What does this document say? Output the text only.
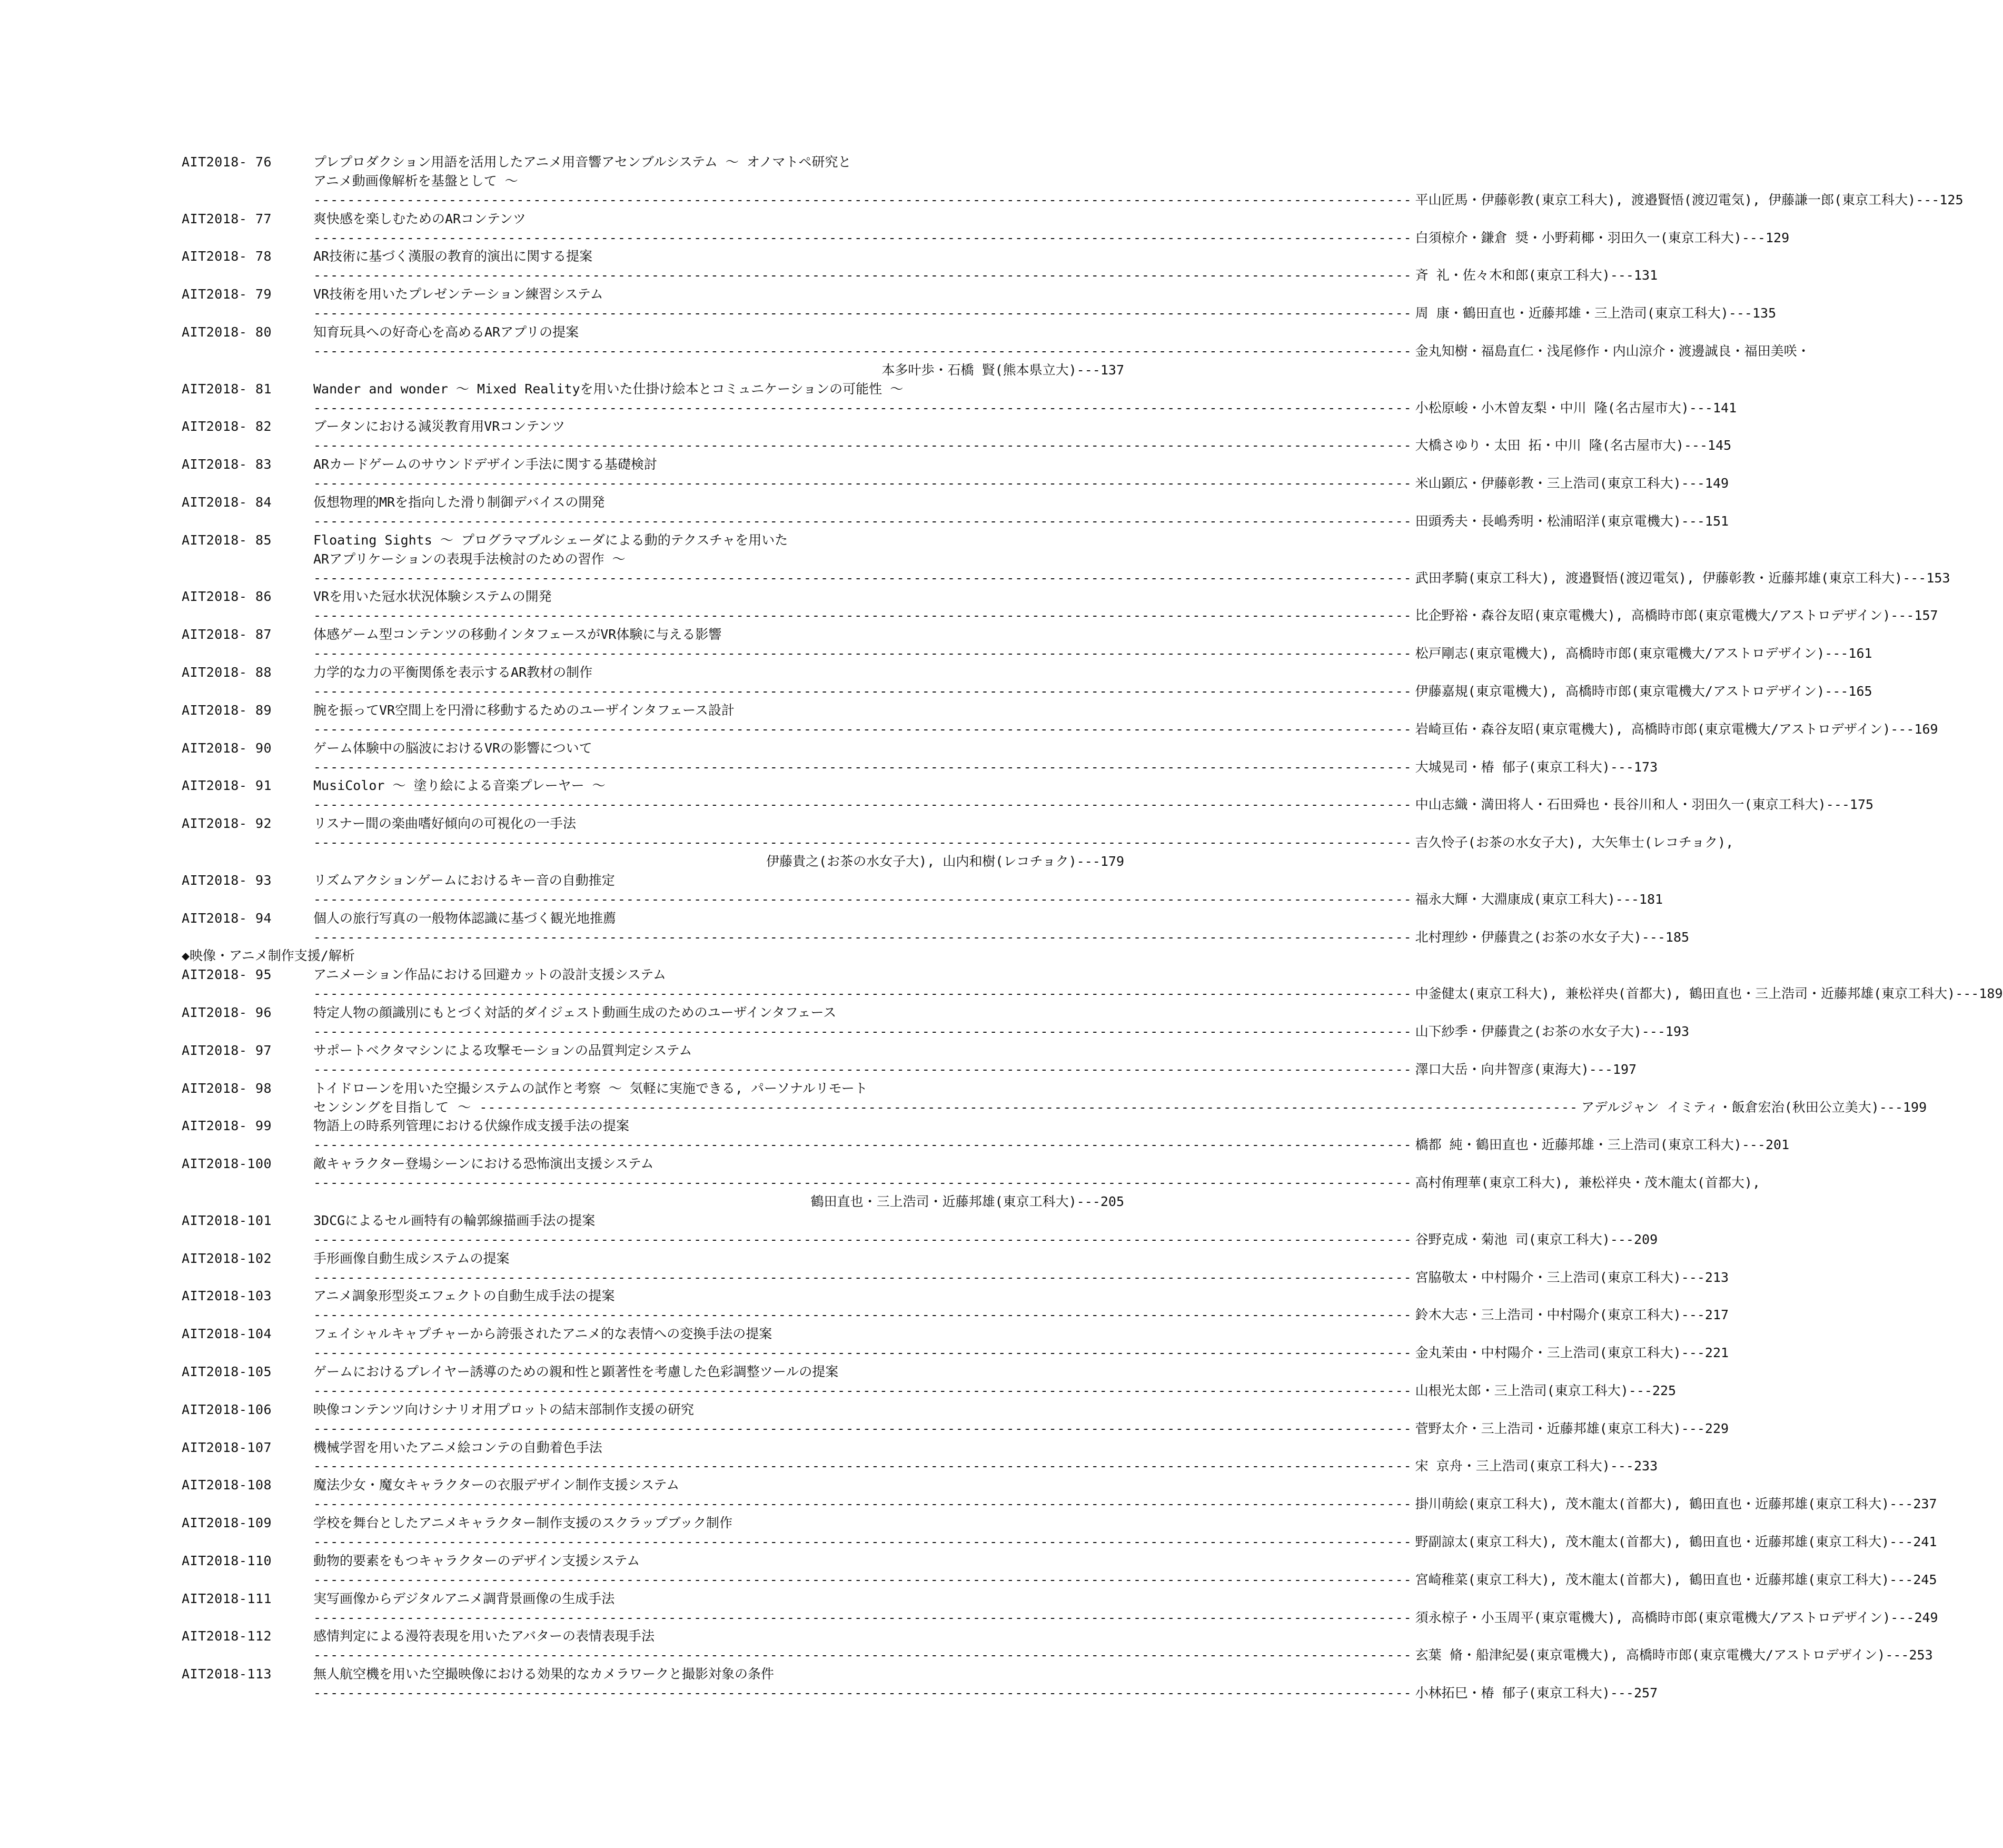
AIT2018- 76	プレプロダクション用語を活用したアニメ用音響アセンブルシステム ～ オノマトペ研究と
アニメ動画像解析を基盤として ～
---------------------------------------------------------------------------------------------------------------------------------- 平山匠馬・伊藤彰教(東京工科大), 渡邉賢悟(渡辺電気), 伊藤謙一郎(東京工科大)---125
AIT2018- 77	爽快感を楽しむためのARコンテンツ
---------------------------------------------------------------------------------------------------------------------------------- 白須椋介・鎌倉 奨・小野莉椰・羽田久一(東京工科大)---129
AIT2018- 78	AR技術に基づく漢服の教育的演出に関する提案
---------------------------------------------------------------------------------------------------------------------------------- 斉 礼・佐々木和郎(東京工科大)---131
AIT2018- 79	VR技術を用いたプレゼンテーション練習システム
---------------------------------------------------------------------------------------------------------------------------------- 周 康・鶴田直也・近藤邦雄・三上浩司(東京工科大)---135
AIT2018- 80	知育玩具への好奇心を高めるARアプリの提案
---------------------------------------------------------------------------------------------------------------------------------- 金丸知樹・福島直仁・浅尾修作・内山涼介・渡邊誠良・福田美咲・
本多叶歩・石橋 賢(熊本県立大)---137
AIT2018- 81	Wander and wonder ～ Mixed Realityを用いた仕掛け絵本とコミュニケーションの可能性 ～
---------------------------------------------------------------------------------------------------------------------------------- 小松原峻・小木曽友梨・中川 隆(名古屋市大)---141
AIT2018- 82	ブータンにおける減災教育用VRコンテンツ
---------------------------------------------------------------------------------------------------------------------------------- 大橋さゆり・太田 拓・中川 隆(名古屋市大)---145
AIT2018- 83	ARカードゲームのサウンドデザイン手法に関する基礎検討
---------------------------------------------------------------------------------------------------------------------------------- 米山顕広・伊藤彰教・三上浩司(東京工科大)---149
AIT2018- 84	仮想物理的MRを指向した滑り制御デバイスの開発
---------------------------------------------------------------------------------------------------------------------------------- 田頭秀夫・長嶋秀明・松浦昭洋(東京電機大)---151
AIT2018- 85	Floating Sights ～ プログラマブルシェーダによる動的テクスチャを用いた
ARアプリケーションの表現手法検討のための習作 ～
---------------------------------------------------------------------------------------------------------------------------------- 武田孝騎(東京工科大), 渡邉賢悟(渡辺電気), 伊藤彰教・近藤邦雄(東京工科大)---153
AIT2018- 86	VRを用いた冠水状況体験システムの開発
---------------------------------------------------------------------------------------------------------------------------------- 比企野裕・森谷友昭(東京電機大), 高橋時市郎(東京電機大/アストロデザイン)---157
AIT2018- 87	体感ゲーム型コンテンツの移動インタフェースがVR体験に与える影響
---------------------------------------------------------------------------------------------------------------------------------- 松戸剛志(東京電機大), 高橋時市郎(東京電機大/アストロデザイン)---161
AIT2018- 88	力学的な力の平衡関係を表示するAR教材の制作
---------------------------------------------------------------------------------------------------------------------------------- 伊藤嘉規(東京電機大), 高橋時市郎(東京電機大/アストロデザイン)---165
AIT2018- 89	腕を振ってVR空間上を円滑に移動するためのユーザインタフェース設計
---------------------------------------------------------------------------------------------------------------------------------- 岩崎亘佑・森谷友昭(東京電機大), 高橋時市郎(東京電機大/アストロデザイン)---169
AIT2018- 90	ゲーム体験中の脳波におけるVRの影響について
---------------------------------------------------------------------------------------------------------------------------------- 大城晃司・椿 郁子(東京工科大)---173
AIT2018- 91	MusiColor ～ 塗り絵による音楽プレーヤー ～
---------------------------------------------------------------------------------------------------------------------------------- 中山志織・満田将人・石田舜也・長谷川和人・羽田久一(東京工科大)---175
AIT2018- 92	リスナー間の楽曲嗜好傾向の可視化の一手法
---------------------------------------------------------------------------------------------------------------------------------- 吉久怜子(お茶の水女子大), 大矢隼士(レコチョク),
伊藤貴之(お茶の水女子大), 山内和樹(レコチョク)---179
AIT2018- 93	リズムアクションゲームにおけるキー音の自動推定
---------------------------------------------------------------------------------------------------------------------------------- 福永大輝・大淵康成(東京工科大)---181
AIT2018- 94	個人の旅行写真の一般物体認識に基づく観光地推薦
---------------------------------------------------------------------------------------------------------------------------------- 北村理紗・伊藤貴之(お茶の水女子大)---185
◆映像・アニメ制作支援/解析
AIT2018- 95	アニメーション作品における回避カットの設計支援システム
---------------------------------------------------------------------------------------------------------------------------------- 中釜健太(東京工科大), 兼松祥央(首都大), 鶴田直也・三上浩司・近藤邦雄(東京工科大)---189
AIT2018- 96	特定人物の顔識別にもとづく対話的ダイジェスト動画生成のためのユーザインタフェース
---------------------------------------------------------------------------------------------------------------------------------- 山下紗季・伊藤貴之(お茶の水女子大)---193
AIT2018- 97	サポートベクタマシンによる攻撃モーションの品質判定システム
---------------------------------------------------------------------------------------------------------------------------------- 澤口大岳・向井智彦(東海大)---197
AIT2018- 98	トイドローンを用いた空撮システムの試作と考察 ～ 気軽に実施できる, パーソナルリモート
センシングを目指して ～ ---------------------------------------------------------------------------------------------------------------------------------- アデルジャン イミティ・飯倉宏治(秋田公立美大)---199
AIT2018- 99	物語上の時系列管理における伏線作成支援手法の提案
---------------------------------------------------------------------------------------------------------------------------------- 橋都 純・鶴田直也・近藤邦雄・三上浩司(東京工科大)---201
AIT2018-100	敵キャラクター登場シーンにおける恐怖演出支援システム
---------------------------------------------------------------------------------------------------------------------------------- 高村侑理華(東京工科大), 兼松祥央・茂木龍太(首都大),
鶴田直也・三上浩司・近藤邦雄(東京工科大)---205
AIT2018-101	3DCGによるセル画特有の輪郭線描画手法の提案
---------------------------------------------------------------------------------------------------------------------------------- 谷野克成・菊池 司(東京工科大)---209
AIT2018-102	手形画像自動生成システムの提案
---------------------------------------------------------------------------------------------------------------------------------- 宮脇敬太・中村陽介・三上浩司(東京工科大)---213
AIT2018-103	アニメ調象形型炎エフェクトの自動生成手法の提案
---------------------------------------------------------------------------------------------------------------------------------- 鈴木大志・三上浩司・中村陽介(東京工科大)---217
AIT2018-104	フェイシャルキャプチャーから誇張されたアニメ的な表情への変換手法の提案
---------------------------------------------------------------------------------------------------------------------------------- 金丸茉由・中村陽介・三上浩司(東京工科大)---221
AIT2018-105	ゲームにおけるプレイヤー誘導のための親和性と顕著性を考慮した色彩調整ツールの提案
---------------------------------------------------------------------------------------------------------------------------------- 山根光太郎・三上浩司(東京工科大)---225
AIT2018-106	映像コンテンツ向けシナリオ用プロットの結末部制作支援の研究
---------------------------------------------------------------------------------------------------------------------------------- 菅野太介・三上浩司・近藤邦雄(東京工科大)---229
AIT2018-107	機械学習を用いたアニメ絵コンテの自動着色手法
---------------------------------------------------------------------------------------------------------------------------------- 宋 京舟・三上浩司(東京工科大)---233
AIT2018-108	魔法少女・魔女キャラクターの衣服デザイン制作支援システム
---------------------------------------------------------------------------------------------------------------------------------- 掛川萌絵(東京工科大), 茂木龍太(首都大), 鶴田直也・近藤邦雄(東京工科大)---237
AIT2018-109	学校を舞台としたアニメキャラクター制作支援のスクラップブック制作
---------------------------------------------------------------------------------------------------------------------------------- 野副諒太(東京工科大), 茂木龍太(首都大), 鶴田直也・近藤邦雄(東京工科大)---241
AIT2018-110	動物的要素をもつキャラクターのデザイン支援システム
---------------------------------------------------------------------------------------------------------------------------------- 宮崎稚菜(東京工科大), 茂木龍太(首都大), 鶴田直也・近藤邦雄(東京工科大)---245
AIT2018-111	実写画像からデジタルアニメ調背景画像の生成手法
---------------------------------------------------------------------------------------------------------------------------------- 須永椋子・小玉周平(東京電機大), 高橋時市郎(東京電機大/アストロデザイン)---249
AIT2018-112	感情判定による漫符表現を用いたアバターの表情表現手法
---------------------------------------------------------------------------------------------------------------------------------- 玄葉 脩・船津紀晏(東京電機大), 高橋時市郎(東京電機大/アストロデザイン)---253
AIT2018-113	無人航空機を用いた空撮映像における効果的なカメラワークと撮影対象の条件
---------------------------------------------------------------------------------------------------------------------------------- 小林拓巳・椿 郁子(東京工科大)---257
